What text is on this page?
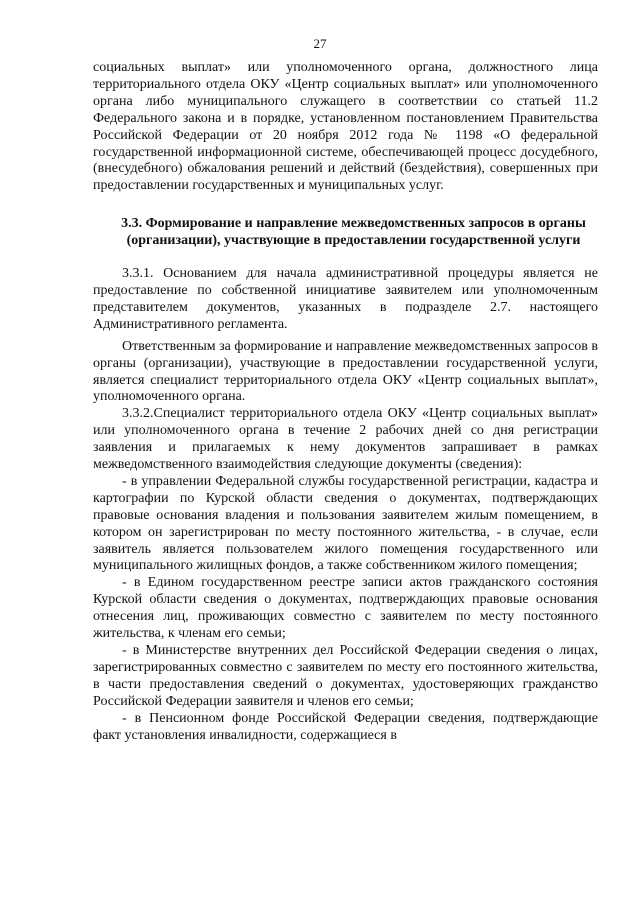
27

социальных выплат» или уполномоченного органа, должностного лица территориального отдела ОКУ «Центр социальных выплат» или уполномоченного органа либо муниципального служащего в соответствии со статьей 11.2 Федерального закона и в порядке, установленном постановлением Правительства Российской Федерации от 20 ноября 2012 года № 1198 «О федеральной государственной информационной системе, обеспечивающей процесс досудебного, (внесудебного) обжалования решений и действий (бездействия), совершенных при предоставлении государственных и муниципальных услуг.

3.3. Формирование и направление межведомственных запросов в органы (организации), участвующие в предоставлении государственной услуги

3.3.1. Основанием для начала административной процедуры является не предоставление по собственной инициативе заявителем или уполномоченным представителем документов, указанных в подразделе 2.7. настоящего Административного регламента.

Ответственным за формирование и направление межведомственных запросов в органы (организации), участвующие в предоставлении государственной услуги, является специалист территориального отдела ОКУ «Центр социальных выплат», уполномоченного органа.

3.3.2.Специалист территориального отдела ОКУ «Центр социальных выплат» или уполномоченного органа в течение 2 рабочих дней со дня регистрации заявления и прилагаемых к нему документов запрашивает в рамках межведомственного взаимодействия следующие документы (сведения):

- в управлении Федеральной службы государственной регистрации, кадастра и картографии по Курской области сведения о документах, подтверждающих правовые основания владения и пользования заявителем жилым помещением, в котором он зарегистрирован по месту постоянного жительства, - в случае, если заявитель является пользователем жилого помещения государственного или муниципального жилищных фондов, а также собственником жилого помещения;

- в Едином государственном реестре записи актов гражданского состояния Курской области сведения о документах, подтверждающих правовые основания отнесения лиц, проживающих совместно с заявителем по месту постоянного жительства, к членам его семьи;

- в Министерстве внутренних дел Российской Федерации сведения о лицах, зарегистрированных совместно с заявителем по месту его постоянного жительства, в части предоставления сведений о документах, удостоверяющих гражданство Российской Федерации заявителя и членов его семьи;

- в Пенсионном фонде Российской Федерации сведения, подтверждающие факт установления инвалидности, содержащиеся в
